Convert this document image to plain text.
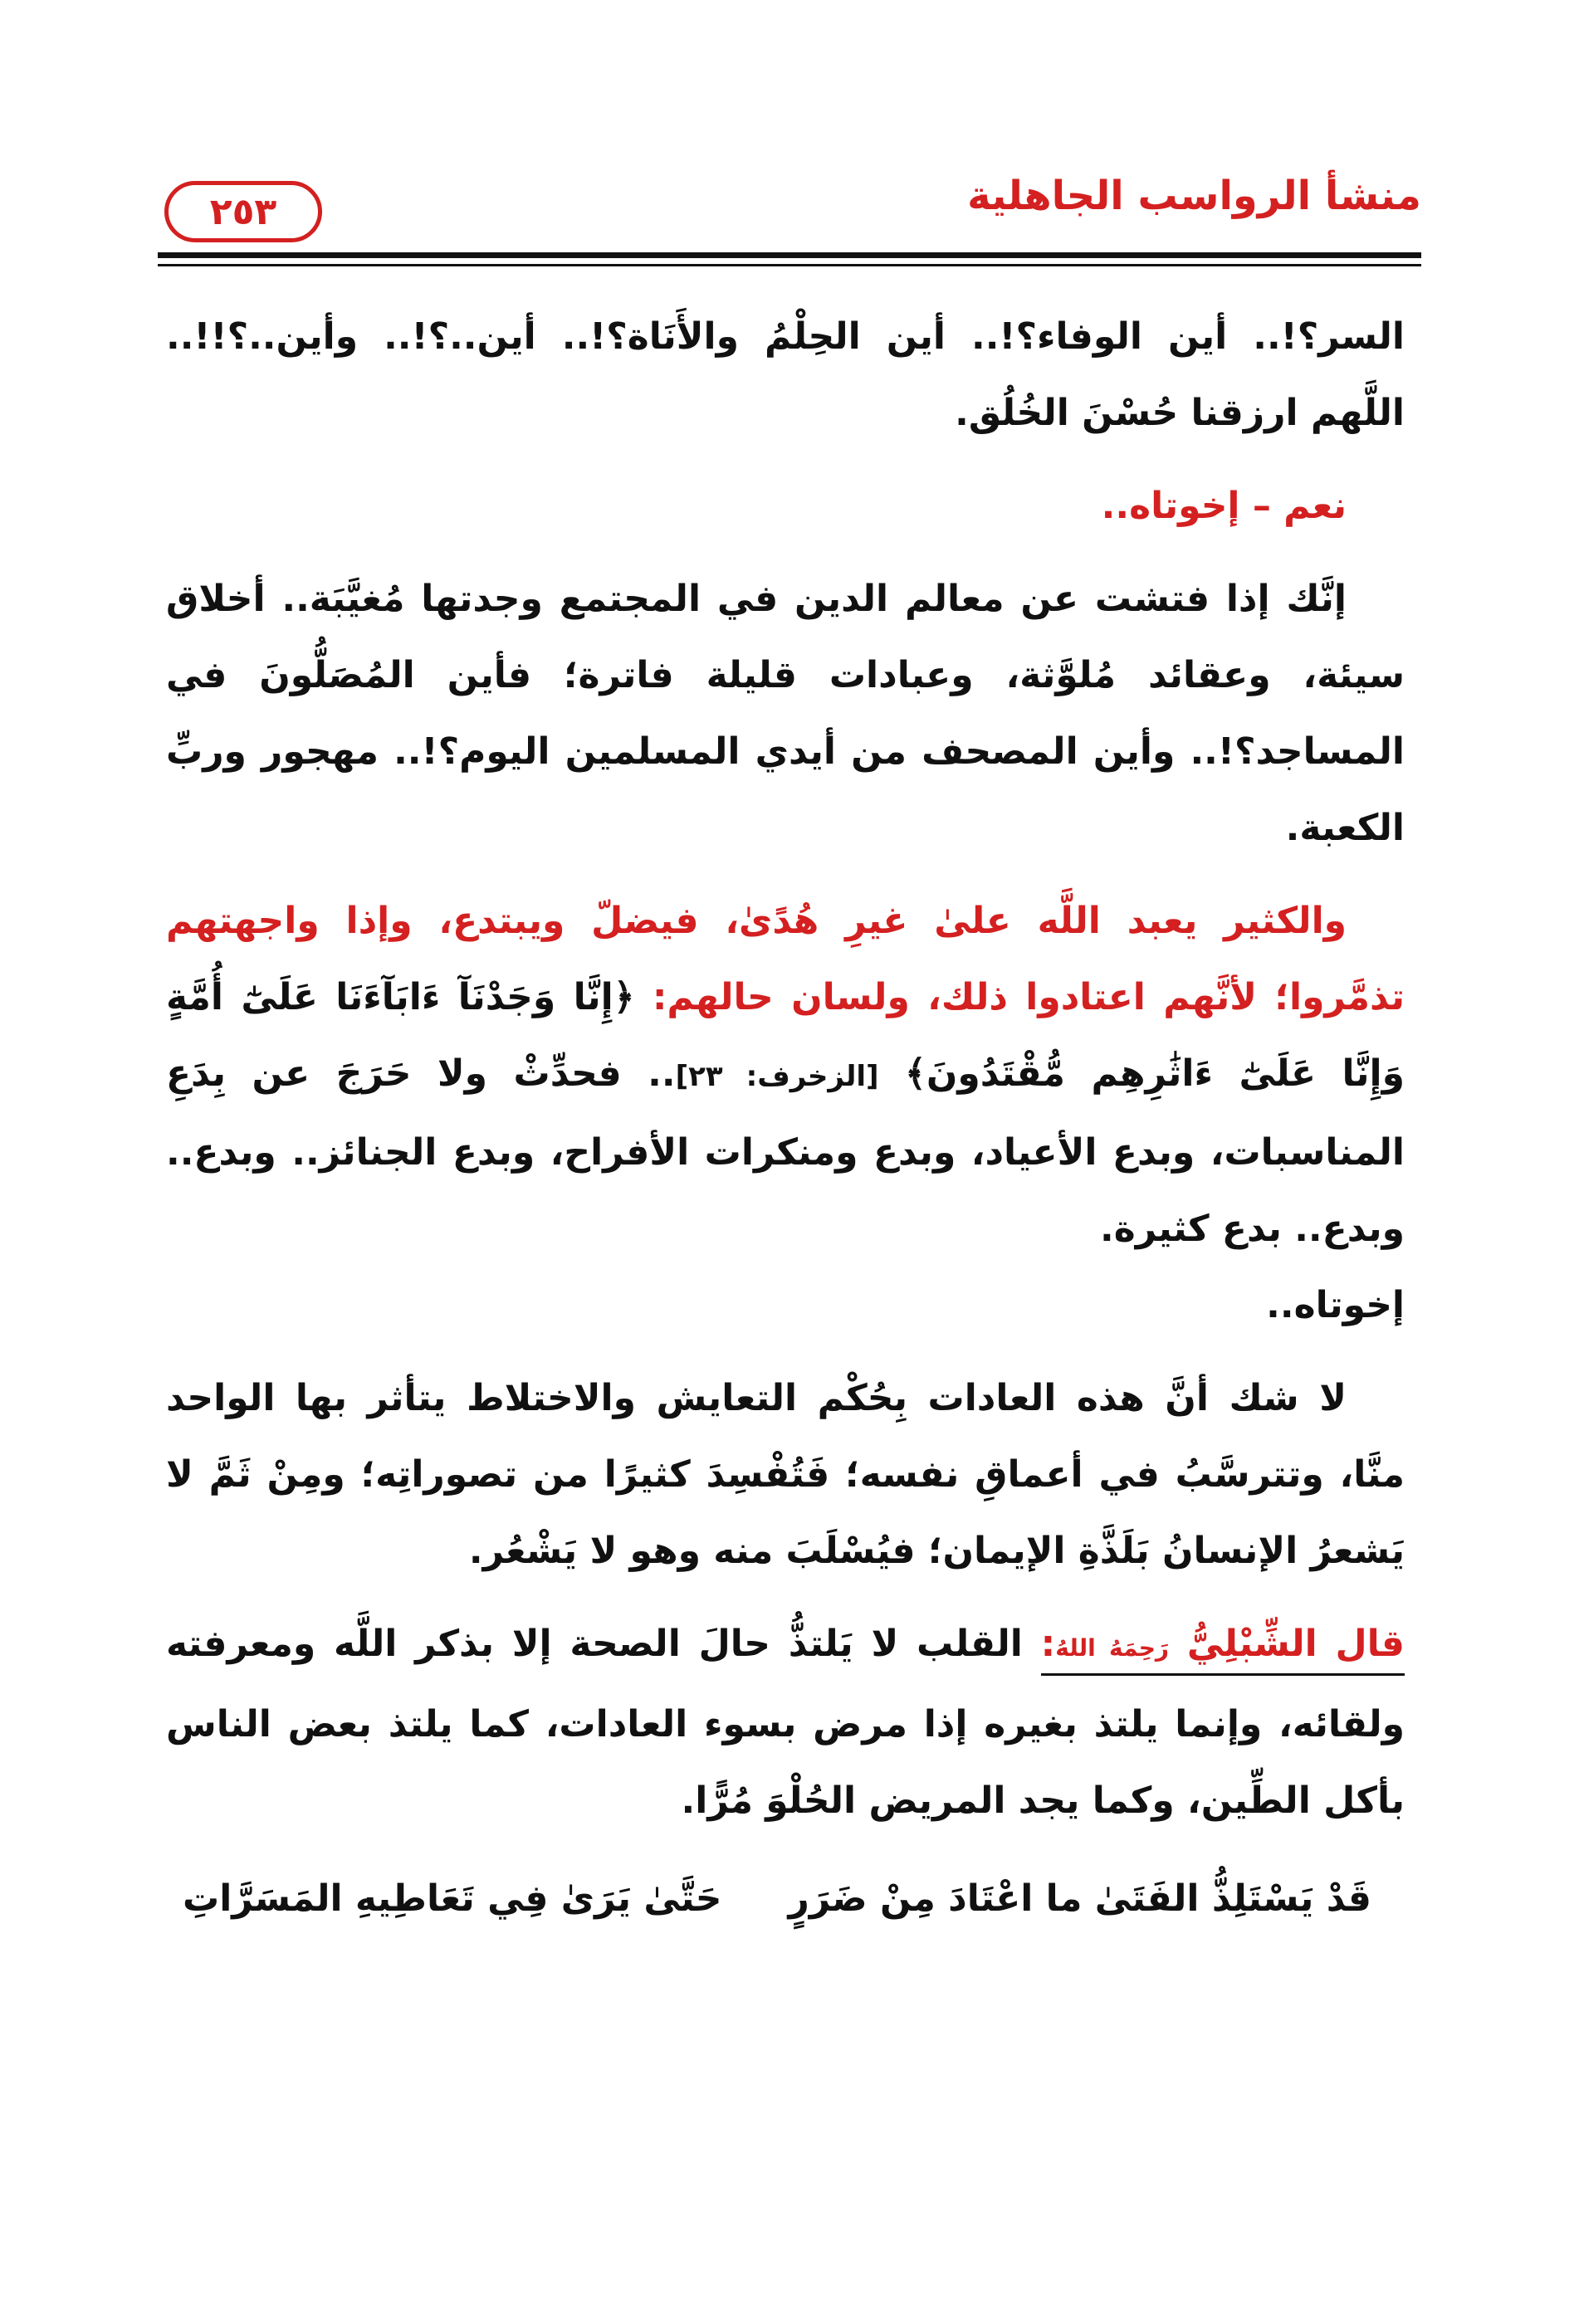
منشأ الرواسب الجاهلية
٢٥٣

السر؟!.. أين الوفاء؟!.. أين الحِلْمُ والأَنَاة؟!.. أين..؟!.. وأين..؟!!.. اللَّهم ارزقنا حُسْنَ الخُلُق.

نعم – إخوتاه..

إنَّك إذا فتشت عن معالم الدين في المجتمع وجدتها مُغيَّبَة.. أخلاق سيئة، وعقائد مُلوَّثة، وعبادات قليلة فاترة؛ فأين المُصَلُّونَ في المساجد؟!.. وأين المصحف من أيدي المسلمين اليوم؟!.. مهجور وربِّ الكعبة.

والكثير يعبد اللَّه علىٰ غيرِ هُدًىٰ، فيضلّ ويبتدع، وإذا واجهتهم تذمَّروا؛ لأنَّهم اعتادوا ذلك، ولسان حالهم: ﴿إِنَّا وَجَدْنَآ ءَابَآءَنَا عَلَىٰٓ أُمَّةٍ وَإِنَّا عَلَىٰٓ ءَاثَٰرِهِم مُّقْتَدُونَ﴾ [الزخرف: ٢٣].. فحدِّثْ ولا حَرَجَ عن بِدَعِ المناسبات، وبدع الأعياد، وبدع ومنكرات الأفراح، وبدع الجنائز.. وبدع.. وبدع.. بدع كثيرة.

إخوتاه..

لا شك أنَّ هذه العادات بِحُكْم التعايش والاختلاط يتأثر بها الواحد منَّا، وتترسَّبُ في أعماقِ نفسه؛ فَتُفْسِدَ كثيرًا من تصوراتِه؛ ومِنْ ثَمَّ لا يَشعرُ الإنسانُ بَلَذَّةِ الإيمان؛ فيُسْلَبَ منه وهو لا يَشْعُر.

قال الشِّبْلِيُّ رَحِمَهُ اللهُ: القلب لا يَلتذُّ حالَ الصحة إلا بذكر اللَّه ومعرفته ولقائه، وإنما يلتذ بغيره إذا مرض بسوء العادات، كما يلتذ بعض الناس بأكل الطِّين، وكما يجد المريض الحُلْوَ مُرًّا.

قَدْ يَسْتَلِذُّ الفَتَىٰ ما اعْتَادَ مِنْ ضَرَرٍ
حَتَّىٰ يَرَىٰ فِي تَعَاطِيهِ المَسَرَّاتِ
